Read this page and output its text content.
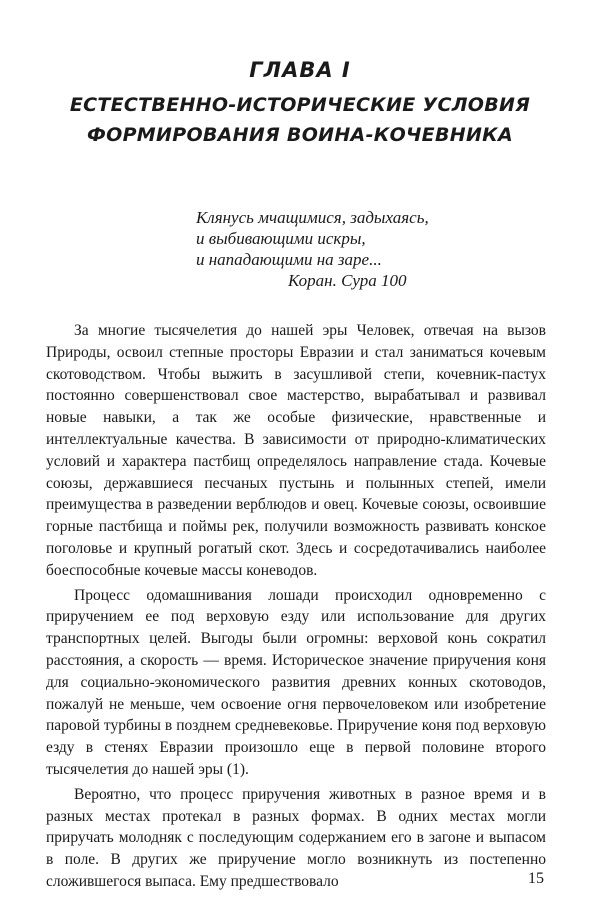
ГЛАВА I
ЕСТЕСТВЕННО-ИСТОРИЧЕСКИЕ УСЛОВИЯ
ФОРМИРОВАНИЯ ВОИНА-КОЧЕВНИКА
Клянусь мчащимися, задыхаясь,
и выбивающими искры,
и нападающими на заре...
Коран. Сура 100

За многие тысячелетия до нашей эры Человек, отвечая на вызов Природы, освоил степные просторы Евразии и стал заниматься кочевым скотоводством. Чтобы выжить в засушливой степи, кочевник-пастух постоянно совершенствовал свое мастерство, вырабатывал и развивал новые навыки, а так же особые физические, нравственные и интеллектуальные качества. В зависимости от природно-климатических условий и характера пастбищ определялось направление стада. Кочевые союзы, державшиеся песчаных пустынь и полынных степей, имели преимущества в разведении верблюдов и овец. Кочевые союзы, освоившие горные пастбища и поймы рек, получили возможность развивать конское поголовье и крупный рогатый скот. Здесь и сосредотачивались наиболее боеспособные кочевые массы коневодов.

Процесс одомашнивания лошади происходил одновременно с приручением ее под верховую езду или использование для других транспортных целей. Выгоды были огромны: верховой конь сократил расстояния, а скорость — время. Историческое значение приручения коня для социально-экономического развития древних конных скотоводов, пожалуй не меньше, чем освоение огня первочеловеком или изобретение паровой турбины в позднем средневековье. Приручение коня под верховую езду в стенях Евразии произошло еще в первой половине второго тысячелетия до нашей эры (1).

Вероятно, что процесс приручения животных в разное время и в разных местах протекал в разных формах. В одних местах могли приручать молодняк с последующим содержанием его в загоне и выпасом в поле. В других же приручение могло возникнуть из постепенно сложившегося выпаса. Ему предшествовало	15
